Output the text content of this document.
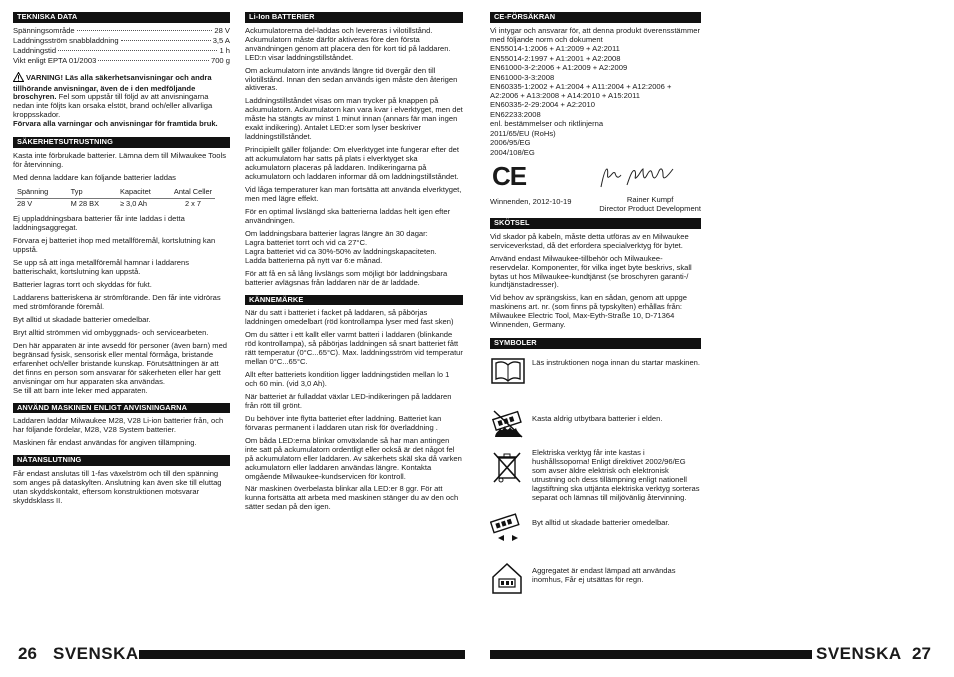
TEKNISKA DATA
Spänningsområde	28 V
Laddningsström snabbladdning	3,5 A
Laddningstid	1 h
Vikt enligt EPTA 01/2003	700 g
VARNING! Läs alla säkerhetsanvisningar och andra tillhörande anvisningar, även de i den medföljande broschyren. Fel som uppstår till följd av att anvisningarna nedan inte följts kan orsaka elstöt, brand och/eller allvarliga kroppsskador.
Förvara alla varningar och anvisningar för framtida bruk.
SÄKERHETSUTRUSTNING
Kasta inte förbrukade batterier. Lämna dem till Milwaukee Tools för återvinning.
Med denna laddare kan följande batterier laddas
Spänning	Typ	Kapacitet	Antal Celler
28 V	M 28 BX	≥ 3,0 Ah	2 x 7
Ej uppladdningsbara batterier får inte laddas i detta laddningsaggregat.
Förvara ej batteriet ihop med metallföremål, kortslutning kan uppstå.
Se upp så att inga metallföremål hamnar i laddarens batterischakt, kortslutning kan uppstå.
Batterier lagras torrt och skyddas för fukt.
Laddarens batteriskena är strömförande. Den får inte vidröras med strömförande föremål.
Byt alltid ut skadade batterier omedelbar.
Bryt alltid strömmen vid ombyggnads- och servicearbeten.
Den här apparaten är inte avsedd för personer (även barn) med begränsad fysisk, sensorisk eller mental förmåga, bristande erfarenhet och/eller bristande kunskap. Förutsättningen är att det finns en person som ansvarar för säkerheten eller har gett anvisningar om hur apparaten ska användas.
Se till att barn inte leker med apparaten.
ANVÄND MASKINEN ENLIGT ANVISNINGARNA
Laddaren laddar Milwaukee M28, V28 Li-ion batterier från, och har följande fördelar, M28, V28 System batterier.
Maskinen får endast användas för angiven tillämpning.
NÄTANSLUTNING
Får endast anslutas till 1-fas växelström och till den spänning som anges på dataskylten. Anslutning kan även ske till eluttag utan skyddskontakt, eftersom konstruktionen motsvarar skyddsklass II.
Li-Ion BATTERIER
Ackumulatorerna del-laddas och levereras i vilotillstånd. Ackumulatorn måste därför aktiveras före den första användningen genom att placera den för kort tid på laddaren. LED:n visar laddningstillståndet.
Om ackumulatorn inte används längre tid övergår den till vilotillstånd. Innan den sedan används igen måste den återigen aktiveras.
Laddningstillståndet visas om man trycker på knappen på ackumulatorn. Ackumulatorn kan vara kvar i elverktyget, men det måste ha stängts av minst 1 minut innan (annars fär man ingen exakt indikering). Antalet LED:er som lyser beskriver laddningstillståndet.
Principiellt gäller följande: Om elverktyget inte fungerar efter det att ackumulatorn har satts på plats i elverktyget ska ackumulatorn placeras på laddaren. Indikeringarna på ackumulatorn och laddaren informar då om laddningstillståndet.
Vid låga temperaturer kan man fortsätta att använda elverktyget, men med lägre effekt.
För en optimal livslängd ska batterierna laddas helt igen efter användningen.
Om laddningsbara batterier lagras längre än 30 dagar:
Lagra batteriet torrt och vid ca 27°C.
Lagra batteriet vid ca 30%-50% av laddningskapaciteten.
Ladda batterierna på nytt var 6:e månad.
För att få en så lång livslängs som möjligt bör laddningsbara batterier avlägsnas från laddaren när de är laddade.
KÄNNEMÄRKE
När du satt i batteriet i facket på laddaren, så påbörjas laddningen omedelbart (röd kontrollampa lyser med fast sken)
Om du sätter i ett kallt eller varmt batteri i laddaren (blinkande röd kontrollampa), så påbörjas laddningen så snart batteriet fått rätt temperatur (0°C...65°C). Max. laddningsström vid temperatur mellan 0°C...65°C.
Allt efter batteriets kondition ligger laddningstiden mellan lo 1 och 60 min. (vid 3,0 Ah).
När batteriet är fulladdat växlar LED-indikeringen på laddaren från rött till grönt.
Du behöver inte flytta batteriet efter laddning. Batteriet kan förvaras permanent i laddaren utan risk för överladdning .
Om båda LED:erna blinkar omväxlande så har man antingen inte satt på ackumulatorn ordentligt eller också är det något fel på ackumulatorn eller laddaren. Av säkerhets skäl ska då varken ackumulatorn eller laddaren användas längre. Kontakta omgående Milwaukee-kundservicen för kontroll.
När maskinen överbelasta blinkar alla LED:er 8 ggr. För att kunna fortsätta att arbeta med maskinen stänger du av den och sätter sedan på den igen.
CE-FÖRSÄKRAN
Vi intygar och ansvarar för, att denna produkt överensstämmer med följande norm och dokument
EN55014-1:2006 + A1:2009 + A2:2011
EN55014-2:1997 + A1:2001 + A2:2008
EN61000-3-2:2006 + A1:2009 + A2:2009
EN61000-3-3:2008
EN60335-1:2002 + A1:2004 + A11:2004 + A12:2006 + A2:2006 + A13:2008 + A14:2010 + A15:2011
EN60335-2-29:2004 + A2:2010
EN62233:2008
enl. bestämmelser och riktlinjerna
2011/65/EU (RoHs)
2006/95/EG
2004/108/EG
CE
Winnenden, 2012-10-19	Rainer Kumpf
Director Product Development
SKÖTSEL
Vid skador på kabeln, måste detta utföras av en Milwaukee serviceverkstad, då det erfordera specialverktyg för bytet.
Använd endast Milwaukee-tillbehör och Milwaukee-reservdelar. Komponenter, för vilka inget byte beskrivs, skall bytas ut hos Milwaukee-kundtjänst (se broschyren garanti-/ kundtjänstadresser).
Vid behov av sprängskiss, kan en sådan, genom att uppge maskinens art. nr. (som finns på typskylten) erhållas från: Milwaukee Electric Tool, Max-Eyth-Straße 10, D-71364 Winnenden, Germany.
SYMBOLER
Läs instruktionen noga innan du startar maskinen.
Kasta aldrig utbytbara batterier i elden.
Elektriska verktyg får inte kastas i hushållssoporna! Enligt direktivet 2002/96/EG som avser äldre elektrisk och elektronisk utrustning och dess tillämpning enligt nationell lagstiftning ska uttjänta elektriska verktyg sorteras separat och lämnas till miljövänlig återvinning.
Byt alltid ut skadade batterier omedelbar.
Aggregatet är endast lämpad att användas inomhus, Får ej utsättas för regn.
26 SVENSKA	SVENSKA 27
